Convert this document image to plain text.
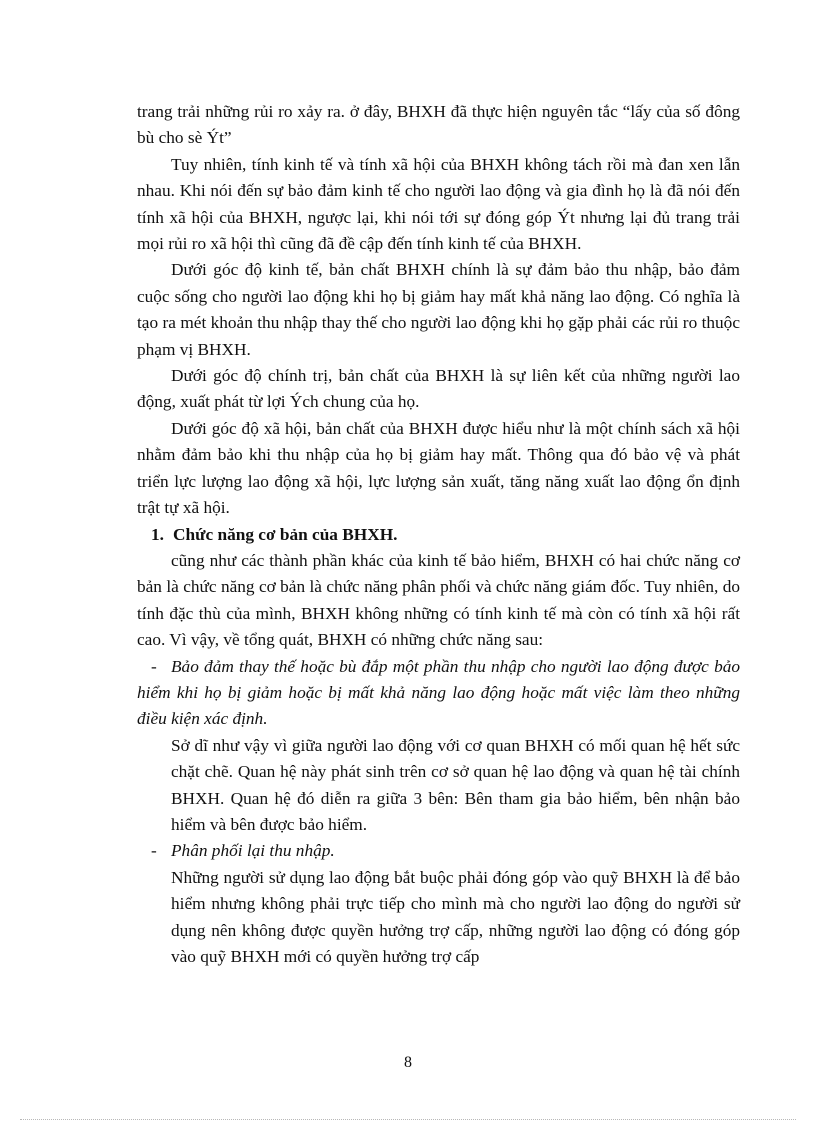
trang trải những rủi ro xảy ra. ở đây, BHXH đã thực hiện nguyên tắc “lấy của số đông bù cho sè Ýt”

Tuy nhiên, tính kinh tế và tính xã hội của BHXH không tách rồi mà đan xen lẫn nhau. Khi nói đến sự bảo đảm kinh tế cho người lao động và gia đình họ là đã nói đến tính xã hội của BHXH, ngược lại, khi nói tới sự đóng góp Ýt nhưng lại đủ trang trải mọi rủi ro xã hội thì cũng đã đề cập đến tính kinh tế của BHXH.

Dưới góc độ kinh tế, bản chất BHXH chính là sự đảm bảo thu nhập, bảo đảm cuộc sống cho người lao động khi họ bị giảm hay mất khả năng lao động. Có nghĩa là tạo ra mét khoản thu nhập thay thế cho người lao động khi họ gặp phải các rủi ro thuộc phạm vị BHXH.

Dưới góc độ chính trị, bản chất của BHXH là sự liên kết của những người lao động, xuất phát từ lợi Ých chung của họ.

Dưới góc độ xã hội, bản chất của BHXH được hiểu như là một chính sách xã hội nhằm đảm bảo khi thu nhập của họ bị giảm hay mất. Thông qua đó bảo vệ và phát triển lực lượng lao động xã hội, lực lượng sản xuất, tăng năng xuất lao động ổn định trật tự xã hội.

1. Chức năng cơ bản của BHXH.

cũng như các thành phần khác của kinh tế bảo hiểm, BHXH có hai chức năng cơ bản là chức năng cơ bản là chức năng phân phối và chức năng giám đốc. Tuy nhiên, do tính đặc thù của mình, BHXH không những có tính kinh tế mà còn có tính xã hội rất cao. Vì vậy, về tổng quát, BHXH có những chức năng sau:

- Bảo đảm thay thế hoặc bù đắp một phần thu nhập cho người lao động được bảo hiểm khi họ bị giảm hoặc bị mất khả năng lao động hoặc mất việc làm theo những điều kiện xác định.

Sở dĩ như vậy vì giữa người lao động với cơ quan BHXH có mối quan hệ hết sức chặt chẽ. Quan hệ này phát sinh trên cơ sở quan hệ lao động và quan hệ tài chính BHXH. Quan hệ đó diễn ra giữa 3 bên: Bên tham gia bảo hiểm, bên nhận bảo hiểm và bên được bảo hiểm.

- Phân phối lại thu nhập.

Những người sử dụng lao động bắt buộc phải đóng góp vào quỹ BHXH là để bảo hiểm nhưng không phải trực tiếp cho mình mà cho người lao động do người sử dụng nên không được quyền hưởng trợ cấp, những người lao động có đóng góp vào quỹ BHXH mới có quyền hưởng trợ cấp

8
